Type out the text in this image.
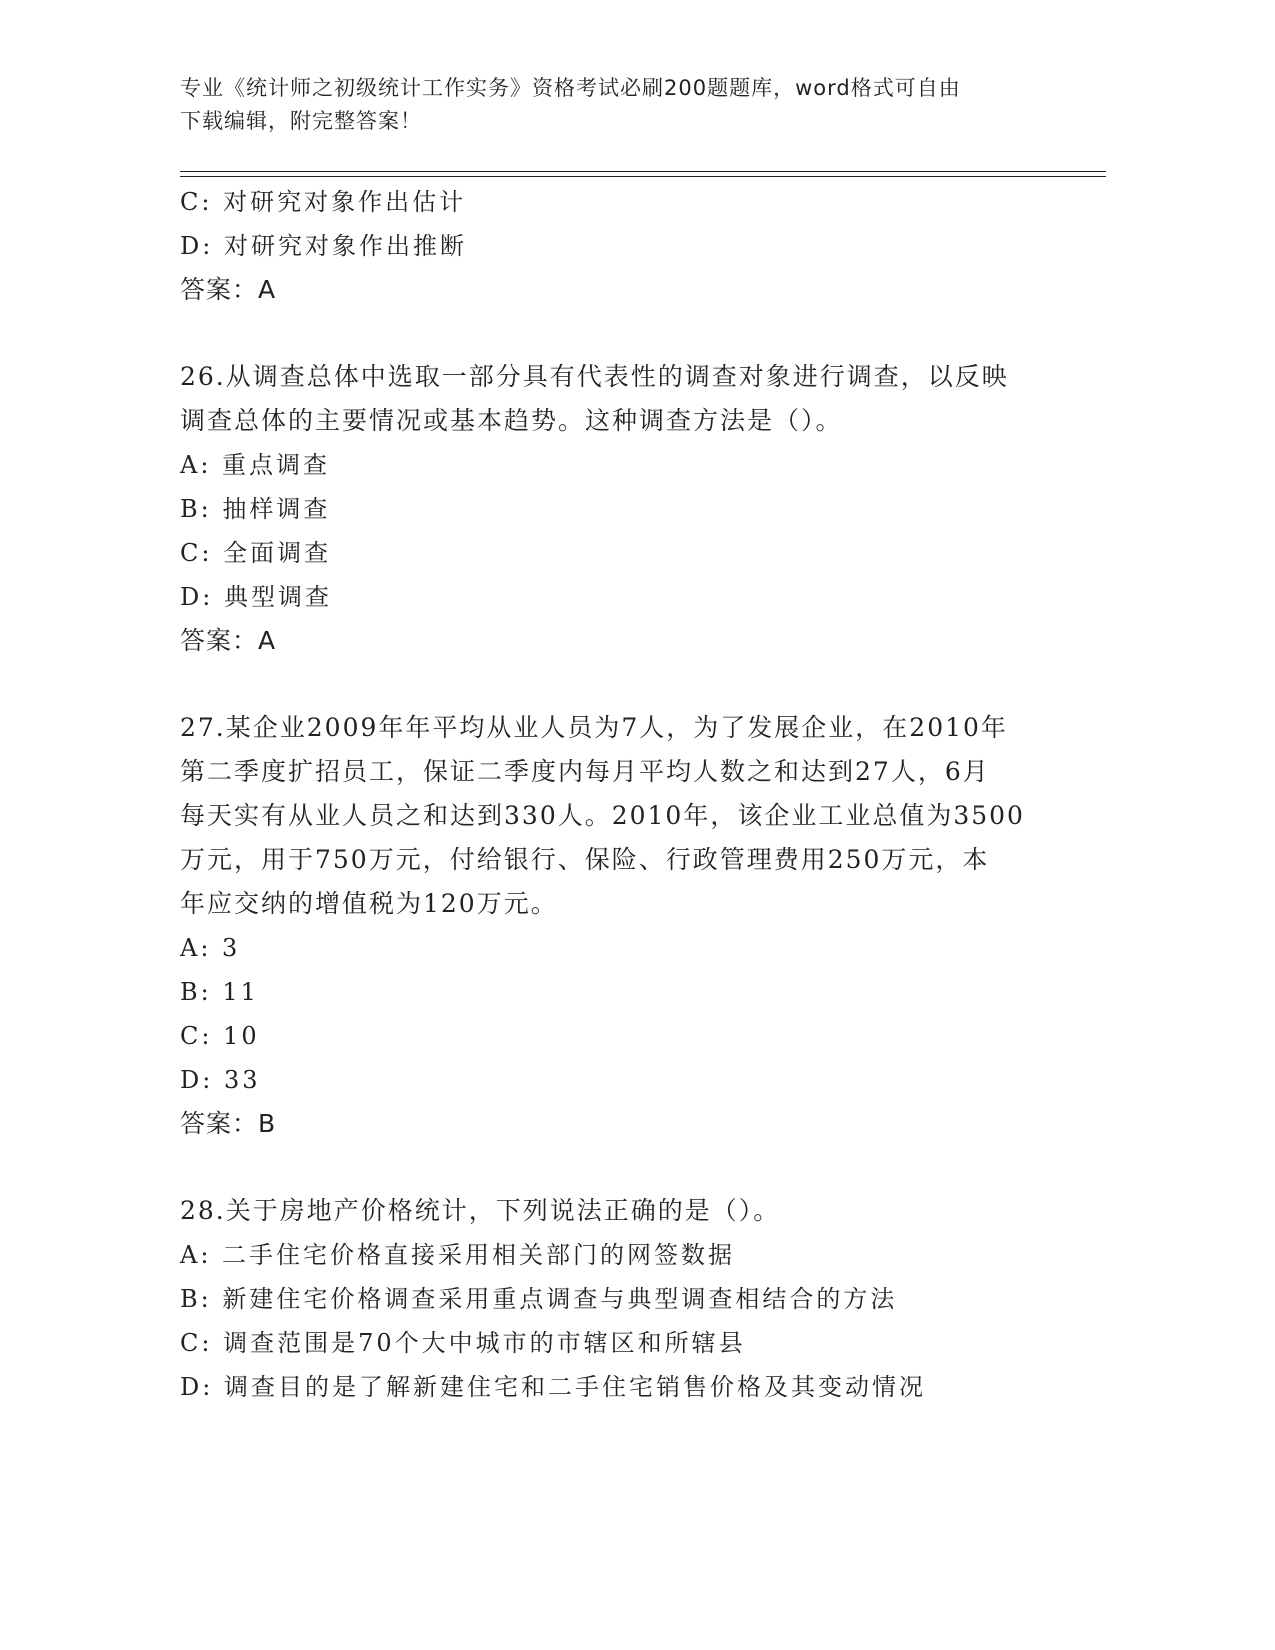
专业《统计师之初级统计工作实务》资格考试必刷200题题库，word格式可自由
下载编辑，附完整答案！
C: 对研究对象作出估计
D: 对研究对象作出推断
答案：A
26.从调查总体中选取一部分具有代表性的调查对象进行调查，以反映
调查总体的主要情况或基本趋势。这种调查方法是（）。
A: 重点调查
B: 抽样调查
C: 全面调查
D: 典型调查
答案：A
27.某企业2009年年平均从业人员为7人，为了发展企业，在2010年
第二季度扩招员工，保证二季度内每月平均人数之和达到27人，6月
每天实有从业人员之和达到330人。2010年，该企业工业总值为3500
万元，用于750万元，付给银行、保险、行政管理费用250万元，本
年应交纳的增值税为120万元。
A: 3
B: 11
C: 10
D: 33
答案：B
28.关于房地产价格统计，下列说法正确的是（）。
A: 二手住宅价格直接采用相关部门的网签数据
B: 新建住宅价格调查采用重点调查与典型调查相结合的方法
C: 调查范围是70个大中城市的市辖区和所辖县
D: 调查目的是了解新建住宅和二手住宅销售价格及其变动情况
